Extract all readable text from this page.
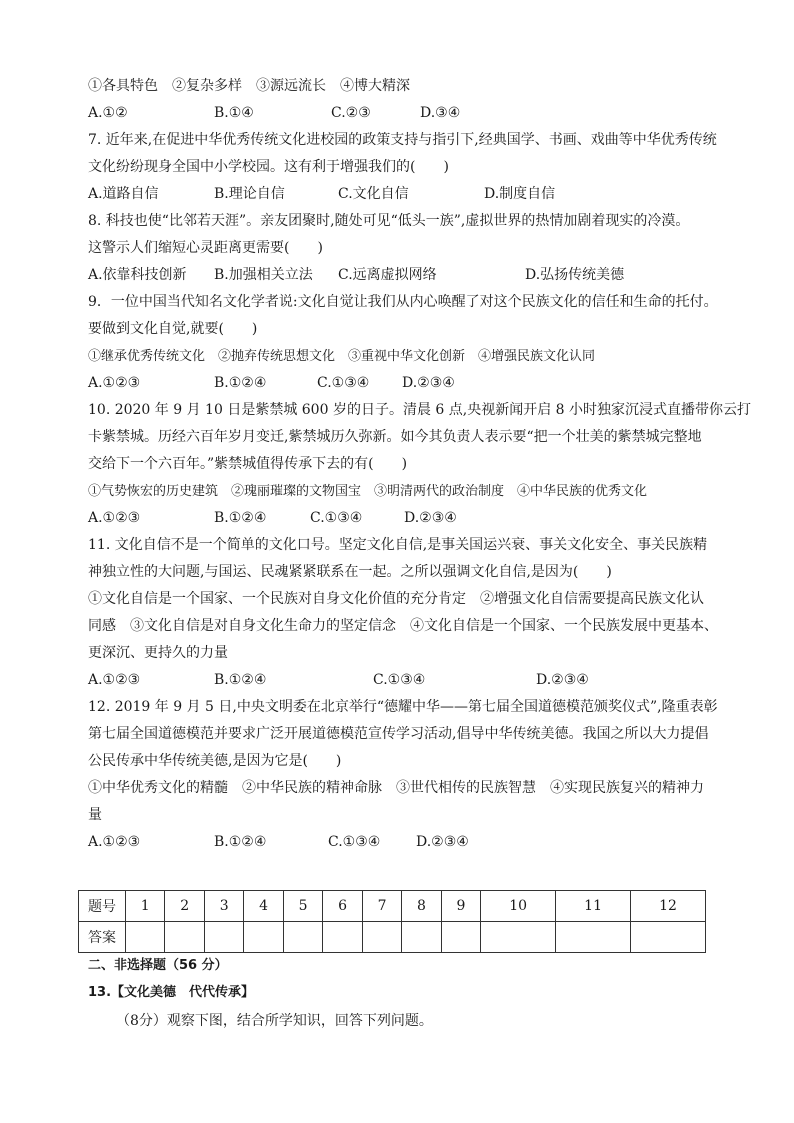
①各具特色　②复杂多样　③源远流长　④博大精深
A.①②	B.①④	C.②③	D.③④
7. 近年来,在促进中华优秀传统文化进校园的政策支持与指引下,经典国学、书画、戏曲等中华优秀传统
文化纷纷现身全国中小学校园。这有利于增强我们的(　　)
A.道路自信	B.理论自信	C.文化自信	D.制度自信
8. 科技也使“比邻若天涯”。亲友团聚时,随处可见“低头一族”,虚拟世界的热情加剧着现实的冷漠。
这警示人们缩短心灵距离更需要(　　)
A.依靠科技创新 B.加强相关立法 C.远离虚拟网络	D.弘扬传统美德
9．一位中国当代知名文化学者说:文化自觉让我们从内心唤醒了对这个民族文化的信任和生命的托付。
要做到文化自觉,就要(　　)
①继承优秀传统文化　②抛弃传统思想文化　③重视中华文化创新　④增强民族文化认同
A.①②③	B.①②④	C.①③④ D.②③④
10. 2020 年 9 月 10 日是紫禁城 600 岁的日子。清晨 6 点,央视新闻开启 8 小时独家沉浸式直播带你云打
卡紫禁城。历经六百年岁月变迁,紫禁城历久弥新。如今其负责人表示要“把一个壮美的紫禁城完整地
交给下一个六百年。”紫禁城值得传承下去的有(　　)
①气势恢宏的历史建筑　②瑰丽璀璨的文物国宝　③明清两代的政治制度　④中华民族的优秀文化
A.①②③	B.①②④	C.①③④	D.②③④
11. 文化自信不是一个简单的文化口号。坚定文化自信,是事关国运兴衰、事关文化安全、事关民族精
神独立性的大问题,与国运、民魂紧紧联系在一起。之所以强调文化自信,是因为(　　)
①文化自信是一个国家、一个民族对自身文化价值的充分肯定　②增强文化自信需要提高民族文化认
同感　③文化自信是对自身文化生命力的坚定信念　④文化自信是一个国家、一个民族发展中更基本、
更深沉、更持久的力量
A.①②③	B.①②④	C.①③④	D.②③④
12. 2019 年 9 月 5 日,中央文明委在北京举行“德耀中华——第七届全国道德模范颁奖仪式”,隆重表彰
第七届全国道德模范并要求广泛开展道德模范宣传学习活动,倡导中华传统美德。我国之所以大力提倡
公民传承中华传统美德,是因为它是(　　)
①中华优秀文化的精髓　②中华民族的精神命脉　③世代相传的民族智慧　④实现民族复兴的精神力
量
A.①②③	B.①②④	C.①③④	D.②③④
题号	1	2	3	4	5	6	7	8	9	10	11	12
答案												
二、非选择题（56 分）
13.【文化美德　代代传承】
（8分）观察下图，结合所学知识，回答下列问题。
